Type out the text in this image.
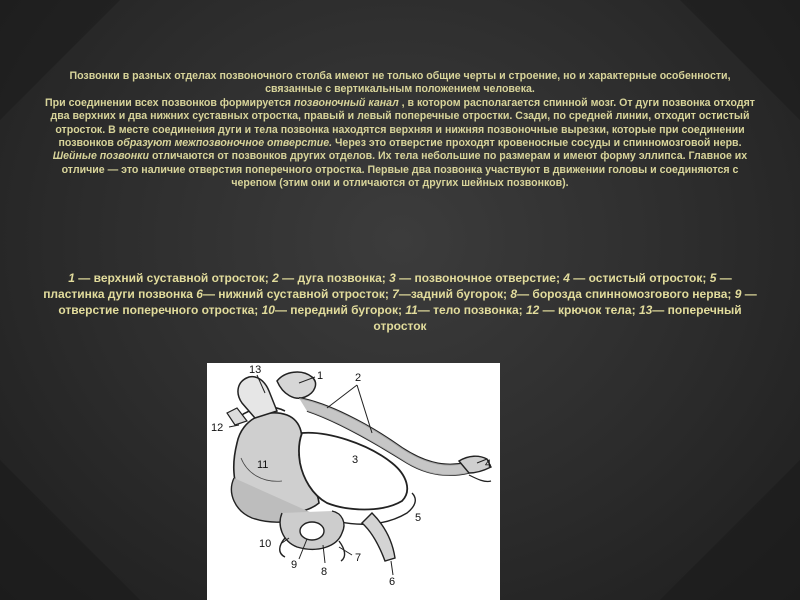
Позвонки в разных отделах позвоночного столба имеют не только общие черты и строение, но и характерные особенности, связанные с вертикальным положением человека.

При соединении всех позвонков формируется позвоночный канал , в котором располагается спинной мозг. От дуги позвонка отходят два верхних и два нижних суставных отростка, правый и левый поперечные отростки. Сзади, по средней линии, отходит остистый отросток. В месте соединения дуги и тела позвонка находятся верхняя и нижняя позвоночные вырезки, которые при соединении позвонков образуют межпозвоночное отверстие. Через это отверстие проходят кровеносные сосуды и спинномозговой нерв.

Шейные позвонки отличаются от позвонков других отделов. Их тела небольшие по размерам и имеют форму эллипса. Главное их отличие — это наличие отверстия поперечного отростка. Первые два позвонка участвуют в движении головы и соединяются с черепом (этим они и отличаются от других шейных позвонков).

1 — верхний суставной отросток; 2 — дуга позвонка; 3 — позвоночное отверстие; 4 — остистый отросток; 5 — пластинка дуги позвонка 6— нижний суставной отросток; 7—задний бугорок; 8— борозда спинномозгового нерва; 9 — отверстие поперечного отростка; 10— передний бугорок; 11— тело позвонка; 12 — крючок тела; 13— поперечный отросток

13	1	2
12
11	3	4
5
10
9
8
7
6
